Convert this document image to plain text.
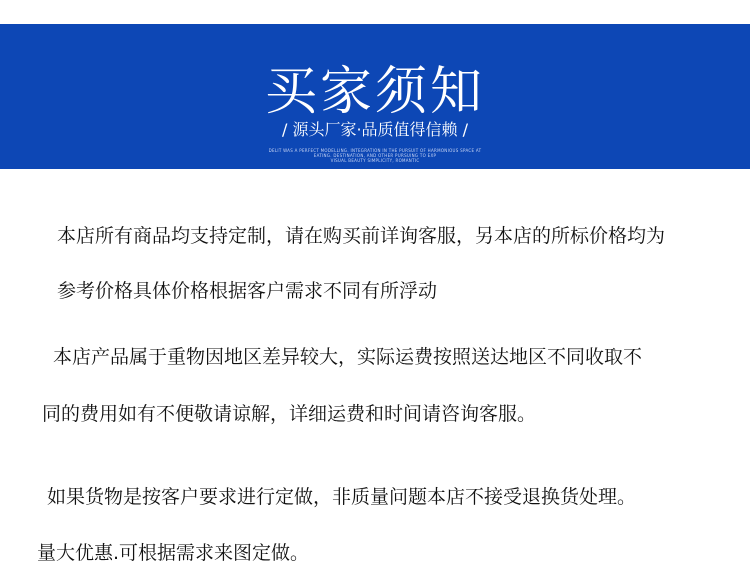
买家须知
/ 源头厂家·品质值得信赖 /
DELIT WAS A PERFECT MODELLING. INTEGRATION IN THE PURSUIT OF HARMONIOUS SPACE AT
EATING. DESTINATION, AND OTHER PURSUING TO EXP
VISUAL BEAUTY SIMPLICITY, ROMANTIC
本店所有商品均支持定制，请在购买前详询客服，另本店的所标价格均为
参考价格具体价格根据客户需求不同有所浮动
本店产品属于重物因地区差异较大，实际运费按照送达地区不同收取不
同的费用如有不便敬请谅解，详细运费和时间请咨询客服。
如果货物是按客户要求进行定做，非质量问题本店不接受退换货处理。
量大优惠.可根据需求来图定做。
